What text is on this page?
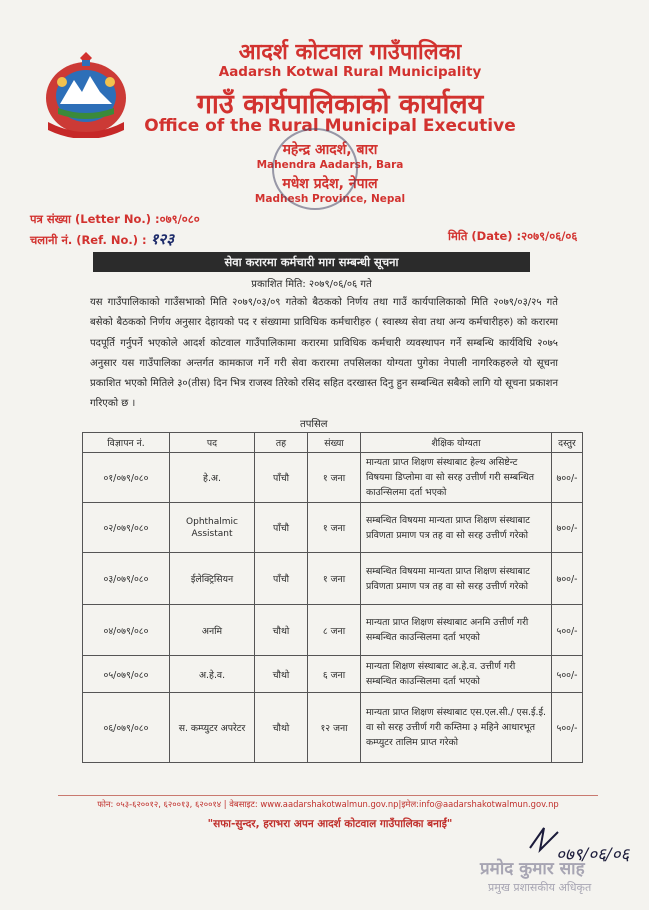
आदर्श कोटवाल गाउँपालिका
Aadarsh Kotwal Rural Municipality
गाउँ कार्यपालिकाको कार्यालय
Office of the Rural Municipal Executive
महेन्द्र आदर्श, बारा
Mahendra Aadarsh, Bara
मधेश प्रदेश, नेपाल
Madhesh Province, Nepal
पत्र संख्या (Letter No.) :०७९/०८०
चलानी नं. (Ref. No.) : १२३	मिति (Date) :२०७९/०६/०६
सेवा करारमा कर्मचारी माग सम्बन्धी सूचना
प्रकाशित मिति: २०७९/०६/०६ गते
यस गाउँपालिकाको गाउँसभाको मिति २०७९/०३/०९ गतेको बैठकको निर्णय तथा गाउँ कार्यपालिकाको मिति २०७९/०३/२५ गते बसेको बैठकको निर्णय अनुसार देहायको पद र संख्यामा प्राविधिक कर्मचारीहरु ( स्वास्थ्य सेवा तथा अन्य कर्मचारीहरु) को करारमा पदपूर्ति गर्नुपर्ने भएकोले आदर्श कोटवाल गाउँपालिकामा करारमा प्राविधिक कर्मचारी व्यवस्थापन गर्ने सम्बन्धि कार्यविधि २०७५ अनुसार यस गाउँपालिका अन्तर्गत कामकाज गर्ने गरी सेवा करारमा तपसिलका योग्यता पुगेका नेपाली नागरिकहरुले यो सूचना प्रकाशित भएको मितिले ३०(तीस) दिन भित्र राजस्व तिरेको रसिद सहित दरखास्त दिनु हुन सम्बन्धित सबैको लागि यो सूचना प्रकाशन गरिएको छ ।
तपसिल
विज्ञापन नं.	पद	तह	संख्या	शैक्षिक योग्यता	दस्तुर
०१/०७९/०८०	हे.अ.	पाँचौ	१ जना	मान्यता प्राप्त शिक्षण संस्थाबाट हेल्थ असिष्टेन्ट विषयमा डिप्लोमा वा सो सरह उत्तीर्ण गरी सम्बन्धित काउन्सिलमा दर्ता भएको	७००/-
०२/०७९/०८०	Ophthalmic Assistant	पाँचौ	१ जना	सम्बन्धित विषयमा मान्यता प्राप्त शिक्षण संस्थाबाट प्रविणता प्रमाण पत्र तह वा सो सरह उत्तीर्ण गरेको	७००/-
०३/०७९/०८०	ईलेक्ट्रिसियन	पाँचौ	१ जना	सम्बन्धित विषयमा मान्यता प्राप्त शिक्षण संस्थाबाट प्रविणता प्रमाण पत्र तह वा सो सरह उत्तीर्ण गरेको	७००/-
०४/०७९/०८०	अनमि	चौथो	८ जना	मान्यता प्राप्त शिक्षण संस्थाबाट अनमि उत्तीर्ण गरी सम्बन्धित काउन्सिलमा दर्ता भएको	५००/-
०५/०७९/०८०	अ.हे.व.	चौथो	६ जना	मान्यता शिक्षण संस्थाबाट अ.हे.व. उत्तीर्ण गरी सम्बन्धित काउन्सिलमा दर्ता भएको	५००/-
०६/०७९/०८०	स. कम्प्युटर अपरेटर	चौथो	१२ जना	मान्यता प्राप्त शिक्षण संस्थाबाट एस.एल.सी./ एस.ई.ई. वा सो सरह उत्तीर्ण गरी कम्तिमा ३ महिने आधारभूत कम्प्युटर तालिम प्राप्त गरेको	५००/-
फोन: ०५३-६२००१२, ६२००१३, ६२००१४ | वेबसाइट: www.aadarshakotwalmun.gov.np|इमेल:info@aadarshakotwalmun.gov.np
"सफा-सुन्दर, हराभरा अपन आदर्श कोटवाल गाउँपालिका बनाईं"
०७९/०६/०६
प्रमोद कुमार साह
प्रमुख प्रशासकीय अधिकृत
